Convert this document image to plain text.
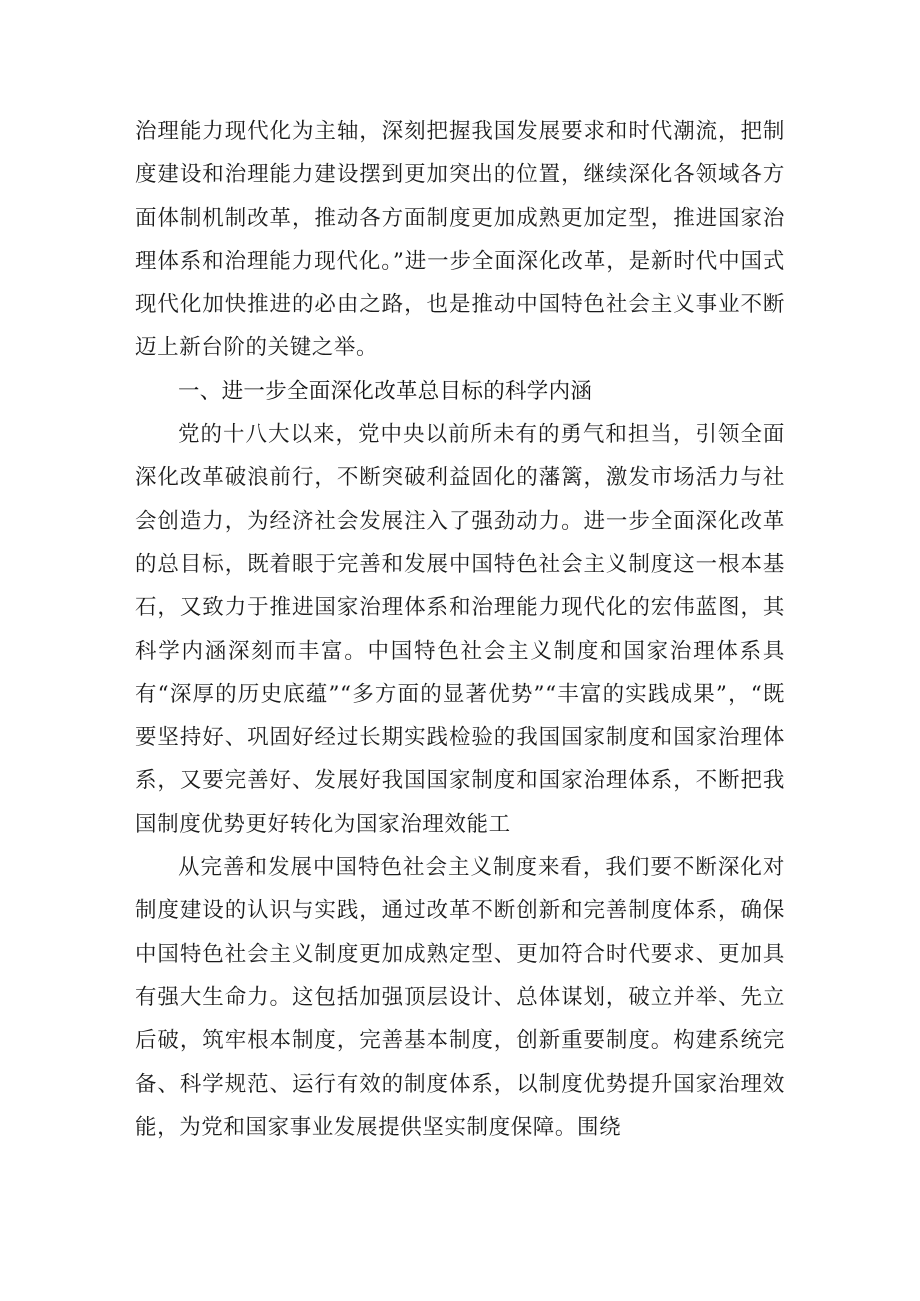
治理能力现代化为主轴，深刻把握我国发展要求和时代潮流，把制度建设和治理能力建设摆到更加突出的位置，继续深化各领域各方面体制机制改革，推动各方面制度更加成熟更加定型，推进国家治理体系和治理能力现代化。”进一步全面深化改革，是新时代中国式现代化加快推进的必由之路，也是推动中国特色社会主义事业不断迈上新台阶的关键之举。

一、进一步全面深化改革总目标的科学内涵

党的十八大以来，党中央以前所未有的勇气和担当，引领全面深化改革破浪前行，不断突破利益固化的藩篱，激发市场活力与社会创造力，为经济社会发展注入了强劲动力。进一步全面深化改革的总目标，既着眼于完善和发展中国特色社会主义制度这一根本基石，又致力于推进国家治理体系和治理能力现代化的宏伟蓝图，其科学内涵深刻而丰富。中国特色社会主义制度和国家治理体系具有“深厚的历史底蕴”“多方面的显著优势”“丰富的实践成果”，“既要坚持好、巩固好经过长期实践检验的我国国家制度和国家治理体系，又要完善好、发展好我国国家制度和国家治理体系，不断把我国制度优势更好转化为国家治理效能工

从完善和发展中国特色社会主义制度来看，我们要不断深化对制度建设的认识与实践，通过改革不断创新和完善制度体系，确保中国特色社会主义制度更加成熟定型、更加符合时代要求、更加具有强大生命力。这包括加强顶层设计、总体谋划，破立并举、先立后破，筑牢根本制度，完善基本制度，创新重要制度。构建系统完备、科学规范、运行有效的制度体系，以制度优势提升国家治理效能，为党和国家事业发展提供坚实制度保障。围绕
